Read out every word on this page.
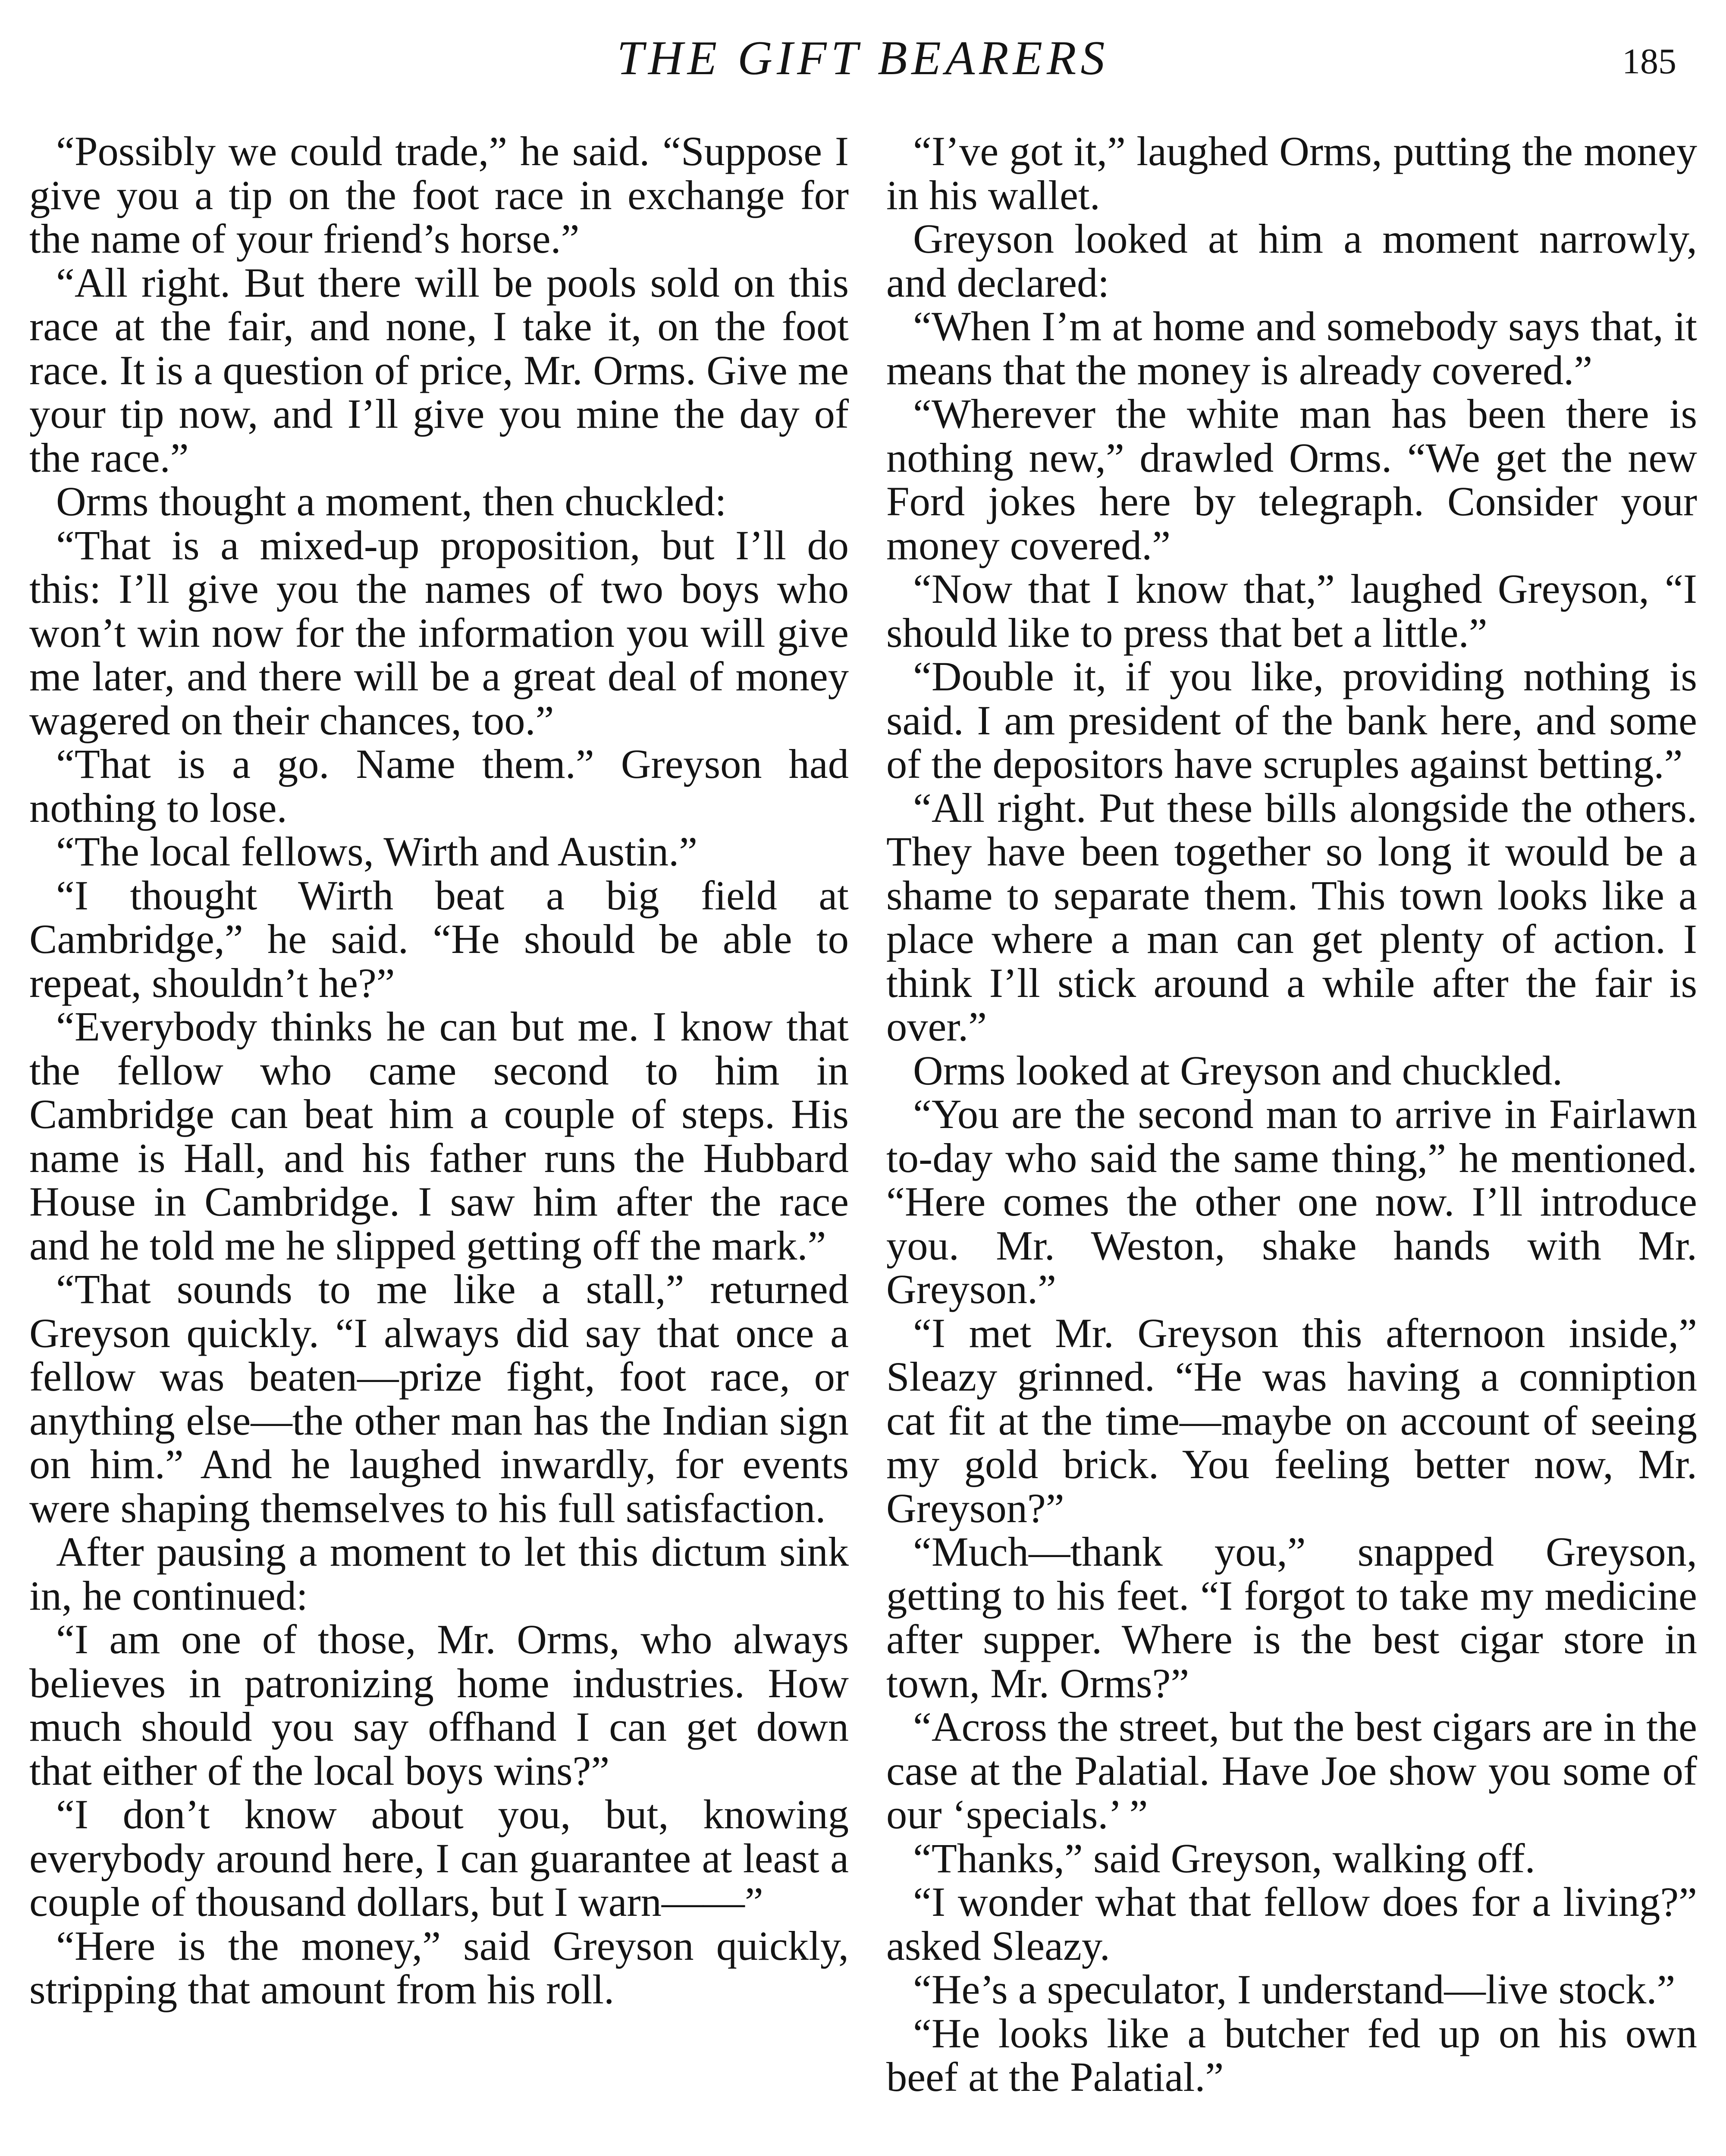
THE GIFT BEARERS	185

“Possibly we could trade,” he said. “Suppose I give you a tip on the foot race in exchange for the name of your friend’s horse.”

“All right. But there will be pools sold on this race at the fair, and none, I take it, on the foot race. It is a question of price, Mr. Orms. Give me your tip now, and I’ll give you mine the day of the race.”

Orms thought a moment, then chuckled:

“That is a mixed-up proposition, but I’ll do this: I’ll give you the names of two boys who won’t win now for the information you will give me later, and there will be a great deal of money wagered on their chances, too.”

“That is a go. Name them.” Greyson had nothing to lose.

“The local fellows, Wirth and Austin.”

“I thought Wirth beat a big field at Cambridge,” he said. “He should be able to repeat, shouldn’t he?”

“Everybody thinks he can but me. I know that the fellow who came second to him in Cambridge can beat him a couple of steps. His name is Hall, and his father runs the Hubbard House in Cambridge. I saw him after the race and he told me he slipped getting off the mark.”

“That sounds to me like a stall,” returned Greyson quickly. “I always did say that once a fellow was beaten—prize fight, foot race, or anything else—the other man has the Indian sign on him.” And he laughed inwardly, for events were shaping themselves to his full satisfaction.

After pausing a moment to let this dictum sink in, he continued:

“I am one of those, Mr. Orms, who always believes in patronizing home industries. How much should you say offhand I can get down that either of the local boys wins?”

“I don’t know about you, but, knowing everybody around here, I can guarantee at least a couple of thousand dollars, but I warn——”

“Here is the money,” said Greyson quickly, stripping that amount from his roll.

“I’ve got it,” laughed Orms, putting the money in his wallet.

Greyson looked at him a moment narrowly, and declared:

“When I’m at home and somebody says that, it means that the money is already covered.”

“Wherever the white man has been there is nothing new,” drawled Orms. “We get the new Ford jokes here by telegraph. Consider your money covered.”

“Now that I know that,” laughed Greyson, “I should like to press that bet a little.”

“Double it, if you like, providing nothing is said. I am president of the bank here, and some of the depositors have scruples against betting.”

“All right. Put these bills alongside the others. They have been together so long it would be a shame to separate them. This town looks like a place where a man can get plenty of action. I think I’ll stick around a while after the fair is over.”

Orms looked at Greyson and chuckled.

“You are the second man to arrive in Fairlawn to-day who said the same thing,” he mentioned. “Here comes the other one now. I’ll introduce you. Mr. Weston, shake hands with Mr. Greyson.”

“I met Mr. Greyson this afternoon inside,” Sleazy grinned. “He was having a conniption cat fit at the time—maybe on account of seeing my gold brick. You feeling better now, Mr. Greyson?”

“Much—thank you,” snapped Greyson, getting to his feet. “I forgot to take my medicine after supper. Where is the best cigar store in town, Mr. Orms?”

“Across the street, but the best cigars are in the case at the Palatial. Have Joe show you some of our ‘specials.’ ”

“Thanks,” said Greyson, walking off.

“I wonder what that fellow does for a living?” asked Sleazy.

“He’s a speculator, I understand—live stock.”

“He looks like a butcher fed up on his own beef at the Palatial.”
